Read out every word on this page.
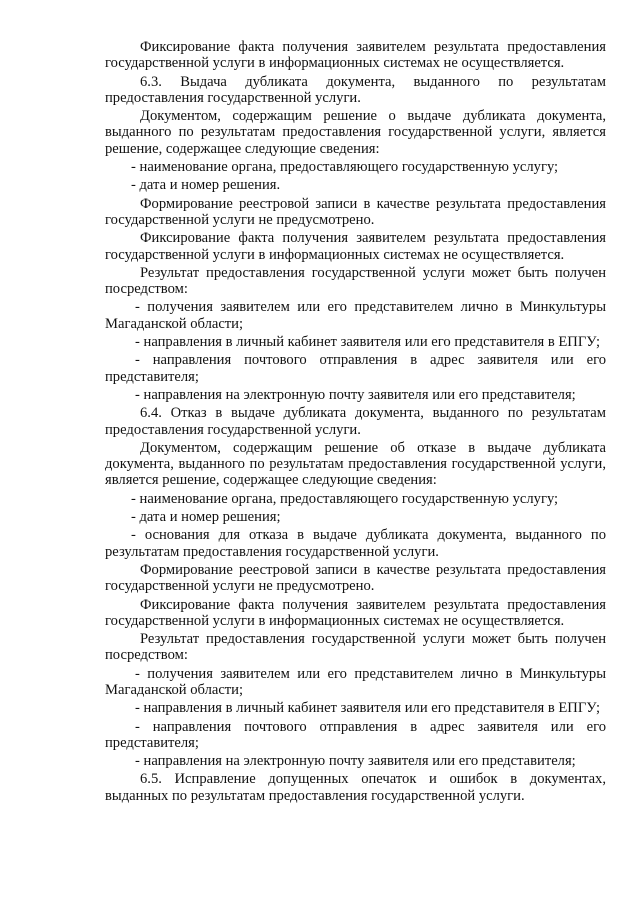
Фиксирование факта получения заявителем результата предоставления государственной услуги в информационных системах не осуществляется.

6.3. Выдача дубликата документа, выданного по результатам предоставления государственной услуги.

Документом, содержащим решение о выдаче дубликата документа, выданного по результатам предоставления государственной услуги, является решение, содержащее следующие сведения:

- наименование органа, предоставляющего государственную услугу;

- дата и номер решения.

Формирование реестровой записи в качестве результата предоставления государственной услуги не предусмотрено.

Фиксирование факта получения заявителем результата предоставления государственной услуги в информационных системах не осуществляется.

Результат предоставления государственной услуги может быть получен посредством:

- получения заявителем или его представителем лично в Минкультуры Магаданской области;

- направления в личный кабинет заявителя или его представителя в ЕПГУ;

- направления почтового отправления в адрес заявителя или его представителя;

- направления на электронную почту заявителя или его представителя;

6.4. Отказ в выдаче дубликата документа, выданного по результатам предоставления государственной услуги.

Документом, содержащим решение об отказе в выдаче дубликата документа, выданного по результатам предоставления государственной услуги, является решение, содержащее следующие сведения:

- наименование органа, предоставляющего государственную услугу;

- дата и номер решения;

- основания для отказа в выдаче дубликата документа, выданного по результатам предоставления государственной услуги.

Формирование реестровой записи в качестве результата предоставления государственной услуги не предусмотрено.

Фиксирование факта получения заявителем результата предоставления государственной услуги в информационных системах не осуществляется.

Результат предоставления государственной услуги может быть получен посредством:

- получения заявителем или его представителем лично в Минкультуры Магаданской области;

- направления в личный кабинет заявителя или его представителя в ЕПГУ;

- направления почтового отправления в адрес заявителя или его представителя;

- направления на электронную почту заявителя или его представителя;

6.5. Исправление допущенных опечаток и ошибок в документах, выданных по результатам предоставления государственной услуги.
